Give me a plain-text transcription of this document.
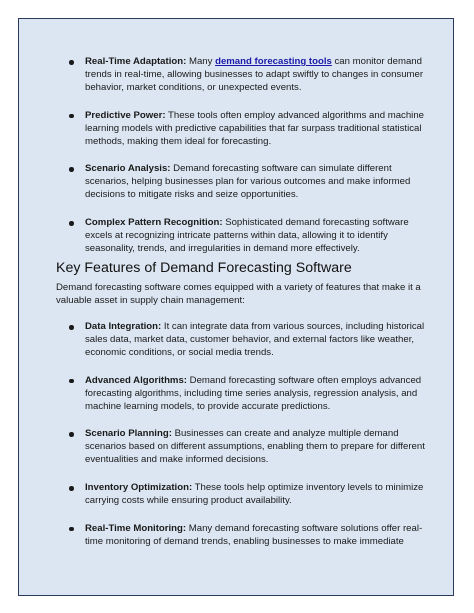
Real-Time Adaptation: Many demand forecasting tools can monitor demand trends in real-time, allowing businesses to adapt swiftly to changes in consumer behavior, market conditions, or unexpected events.
Predictive Power: These tools often employ advanced algorithms and machine learning models with predictive capabilities that far surpass traditional statistical methods, making them ideal for forecasting.
Scenario Analysis: Demand forecasting software can simulate different scenarios, helping businesses plan for various outcomes and make informed decisions to mitigate risks and seize opportunities.
Complex Pattern Recognition: Sophisticated demand forecasting software excels at recognizing intricate patterns within data, allowing it to identify seasonality, trends, and irregularities in demand more effectively.
Key Features of Demand Forecasting Software

Demand forecasting software comes equipped with a variety of features that make it a valuable asset in supply chain management:

Data Integration: It can integrate data from various sources, including historical sales data, market data, customer behavior, and external factors like weather, economic conditions, or social media trends.
Advanced Algorithms: Demand forecasting software often employs advanced forecasting algorithms, including time series analysis, regression analysis, and machine learning models, to provide accurate predictions.
Scenario Planning: Businesses can create and analyze multiple demand scenarios based on different assumptions, enabling them to prepare for different eventualities and make informed decisions.
Inventory Optimization: These tools help optimize inventory levels to minimize carrying costs while ensuring product availability.
Real-Time Monitoring: Many demand forecasting software solutions offer real-time monitoring of demand trends, enabling businesses to make immediate
